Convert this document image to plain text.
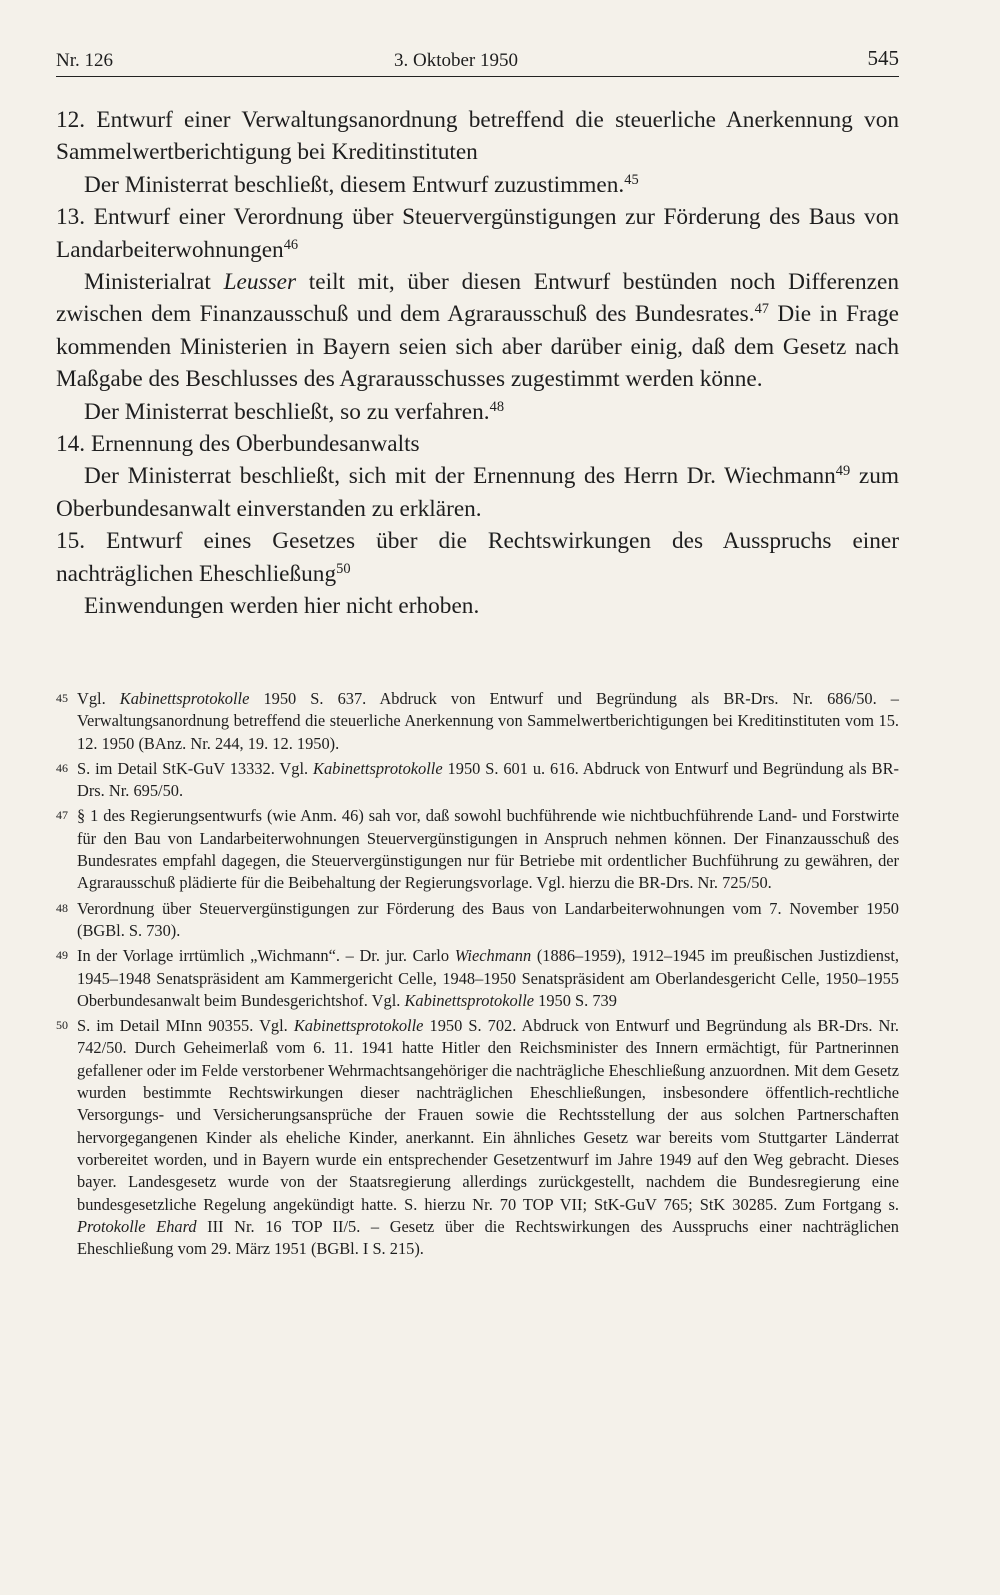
Nr. 126	3. Oktober 1950	545

12. Entwurf einer Verwaltungsanordnung betreffend die steuerliche Anerkennung von Sammelwertberichtigung bei Kreditinstituten

Der Ministerrat beschließt, diesem Entwurf zuzustimmen.$^{45}$

13. Entwurf einer Verordnung über Steuervergünstigungen zur Förderung des Baus von Landarbeiterwohnungen$^{46}$

Ministerialrat Leusser teilt mit, über diesen Entwurf bestünden noch Differenzen zwischen dem Finanzausschuß und dem Agrarausschuß des Bundesrates.$^{47}$ Die in Frage kommenden Ministerien in Bayern seien sich aber darüber einig, daß dem Gesetz nach Maßgabe des Beschlusses des Agrarausschusses zugestimmt werden könne.

Der Ministerrat beschließt, so zu verfahren.$^{48}$

14. Ernennung des Oberbundesanwalts

Der Ministerrat beschließt, sich mit der Ernennung des Herrn Dr. Wiechmann$^{49}$ zum Oberbundesanwalt einverstanden zu erklären.

15. Entwurf eines Gesetzes über die Rechtswirkungen des Ausspruchs einer nachträglichen Eheschließung$^{50}$

Einwendungen werden hier nicht erhoben.

45 Vgl. Kabinettsprotokolle 1950 S. 637. Abdruck von Entwurf und Begründung als BR-Drs. Nr. 686/50. – Verwaltungsanordnung betreffend die steuerliche Anerkennung von Sammelwertberichtigungen bei Kreditinstituten vom 15. 12. 1950 (BAnz. Nr. 244, 19. 12. 1950).

46 S. im Detail StK-GuV 13332. Vgl. Kabinettsprotokolle 1950 S. 601 u. 616. Abdruck von Entwurf und Begründung als BR-Drs. Nr. 695/50.

47 § 1 des Regierungsentwurfs (wie Anm. 46) sah vor, daß sowohl buchführende wie nichtbuchführende Land- und Forstwirte für den Bau von Landarbeiterwohnungen Steuervergünstigungen in Anspruch nehmen können. Der Finanzausschuß des Bundesrates empfahl dagegen, die Steuervergünstigungen nur für Betriebe mit ordentlicher Buchführung zu gewähren, der Agrarausschuß plädierte für die Beibehaltung der Regierungsvorlage. Vgl. hierzu die BR-Drs. Nr. 725/50.

48 Verordnung über Steuervergünstigungen zur Förderung des Baus von Landarbeiterwohnungen vom 7. November 1950 (BGBl. S. 730).

49 In der Vorlage irrtümlich „Wichmann“. – Dr. jur. Carlo Wiechmann (1886–1959), 1912–1945 im preußischen Justizdienst, 1945–1948 Senatspräsident am Kammergericht Celle, 1948–1950 Senatspräsident am Oberlandesgericht Celle, 1950–1955 Oberbundesanwalt beim Bundesgerichtshof. Vgl. Kabinettsprotokolle 1950 S. 739

50 S. im Detail MInn 90355. Vgl. Kabinettsprotokolle 1950 S. 702. Abdruck von Entwurf und Begründung als BR-Drs. Nr. 742/50. Durch Geheimerlaß vom 6. 11. 1941 hatte Hitler den Reichsminister des Innern ermächtigt, für Partnerinnen gefallener oder im Felde verstorbener Wehrmachtsangehöriger die nachträgliche Eheschließung anzuordnen. Mit dem Gesetz wurden bestimmte Rechtswirkungen dieser nachträglichen Eheschließungen, insbesondere öffentlich-rechtliche Versorgungs- und Versicherungsansprüche der Frauen sowie die Rechtsstellung der aus solchen Partnerschaften hervorgegangenen Kinder als eheliche Kinder, anerkannt. Ein ähnliches Gesetz war bereits vom Stuttgarter Länderrat vorbereitet worden, und in Bayern wurde ein entsprechender Gesetzentwurf im Jahre 1949 auf den Weg gebracht. Dieses bayer. Landesgesetz wurde von der Staatsregierung allerdings zurückgestellt, nachdem die Bundesregierung eine bundesgesetzliche Regelung angekündigt hatte. S. hierzu Nr. 70 TOP VII; StK-GuV 765; StK 30285. Zum Fortgang s. Protokolle Ehard III Nr. 16 TOP II/5. – Gesetz über die Rechtswirkungen des Ausspruchs einer nachträglichen Eheschließung vom 29. März 1951 (BGBl. I S. 215).
